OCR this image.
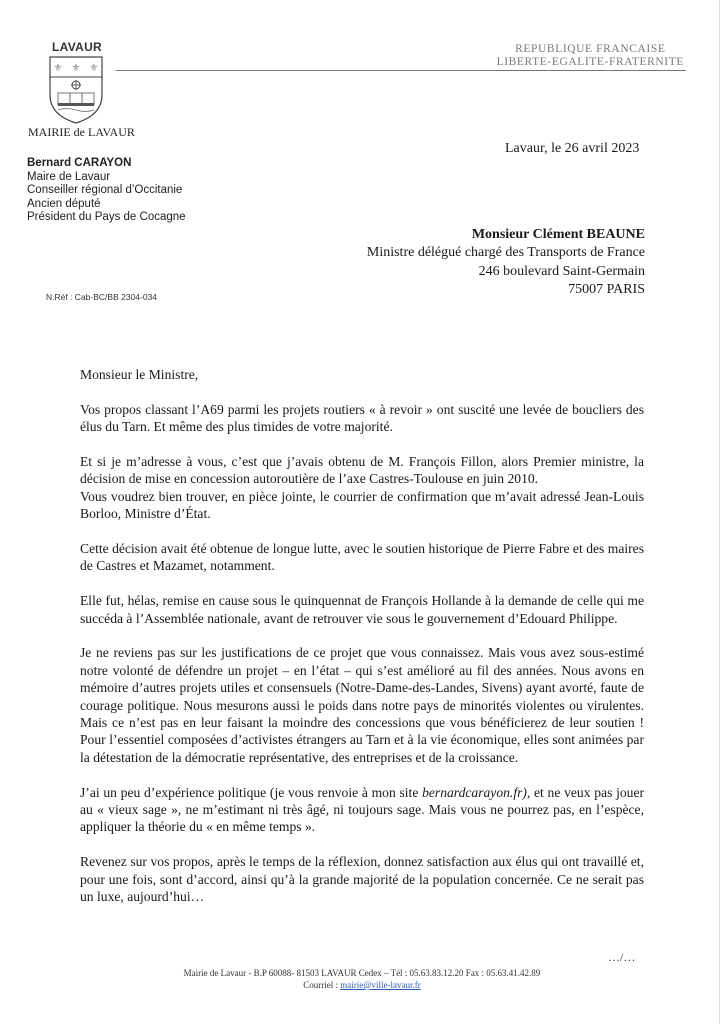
LAVAUR
⚜ ⚜ ⚜
MAIRIE de LAVAUR
REPUBLIQUE FRANCAISE
LIBERTE-EGALITE-FRATERNITE
Lavaur, le 26 avril 2023
Bernard CARAYON
Maire de Lavaur
Conseiller régional d’Occitanie
Ancien député
Président du Pays de Cocagne
Monsieur Clément BEAUNE
Ministre délégué chargé des Transports de France
246 boulevard Saint-Germain
75007 PARIS
N.Réf : Cab-BC/BB 2304-034

Monsieur le Ministre,

Vos propos classant l’A69 parmi les projets routiers « à revoir » ont suscité une levée de boucliers des élus du Tarn. Et même des plus timides de votre majorité.

Et si je m’adresse à vous, c’est que j’avais obtenu de M. François Fillon, alors Premier ministre, la décision de mise en concession autoroutière de l’axe Castres-Toulouse en juin 2010.

Vous voudrez bien trouver, en pièce jointe, le courrier de confirmation que m’avait adressé Jean-Louis Borloo, Ministre d’État.

Cette décision avait été obtenue de longue lutte, avec le soutien historique de Pierre Fabre et des maires de Castres et Mazamet, notamment.

Elle fut, hélas, remise en cause sous le quinquennat de François Hollande à la demande de celle qui me succéda à l’Assemblée nationale, avant de retrouver vie sous le gouvernement d’Edouard Philippe.

Je ne reviens pas sur les justifications de ce projet que vous connaissez. Mais vous avez sous-estimé notre volonté de défendre un projet – en l’état – qui s’est amélioré au fil des années. Nous avons en mémoire d’autres projets utiles et consensuels (Notre-Dame-des-Landes, Sivens) ayant avorté, faute de courage politique. Nous mesurons aussi le poids dans notre pays de minorités violentes ou virulentes. Mais ce n’est pas en leur faisant la moindre des concessions que vous bénéficierez de leur soutien ! Pour l’essentiel composées d’activistes étrangers au Tarn et à la vie économique, elles sont animées par la détestation de la démocratie représentative, des entreprises et de la croissance.

J’ai un peu d’expérience politique (je vous renvoie à mon site bernardcarayon.fr), et ne veux pas jouer au « vieux sage », ne m’estimant ni très âgé, ni toujours sage. Mais vous ne pourrez pas, en l’espèce, appliquer la théorie du « en même temps ».

Revenez sur vos propos, après le temps de la réflexion, donnez satisfaction aux élus qui ont travaillé et, pour une fois, sont d’accord, ainsi qu’à la grande majorité de la population concernée. Ce ne serait pas un luxe, aujourd’hui…

…/…
Mairie de Lavaur - B.P 60088- 81503 LAVAUR Cedex – Tél : 05.63.83.12.20 Fax : 05.63.41.42.89
Courriel : mairie@ville-lavaur.fr
